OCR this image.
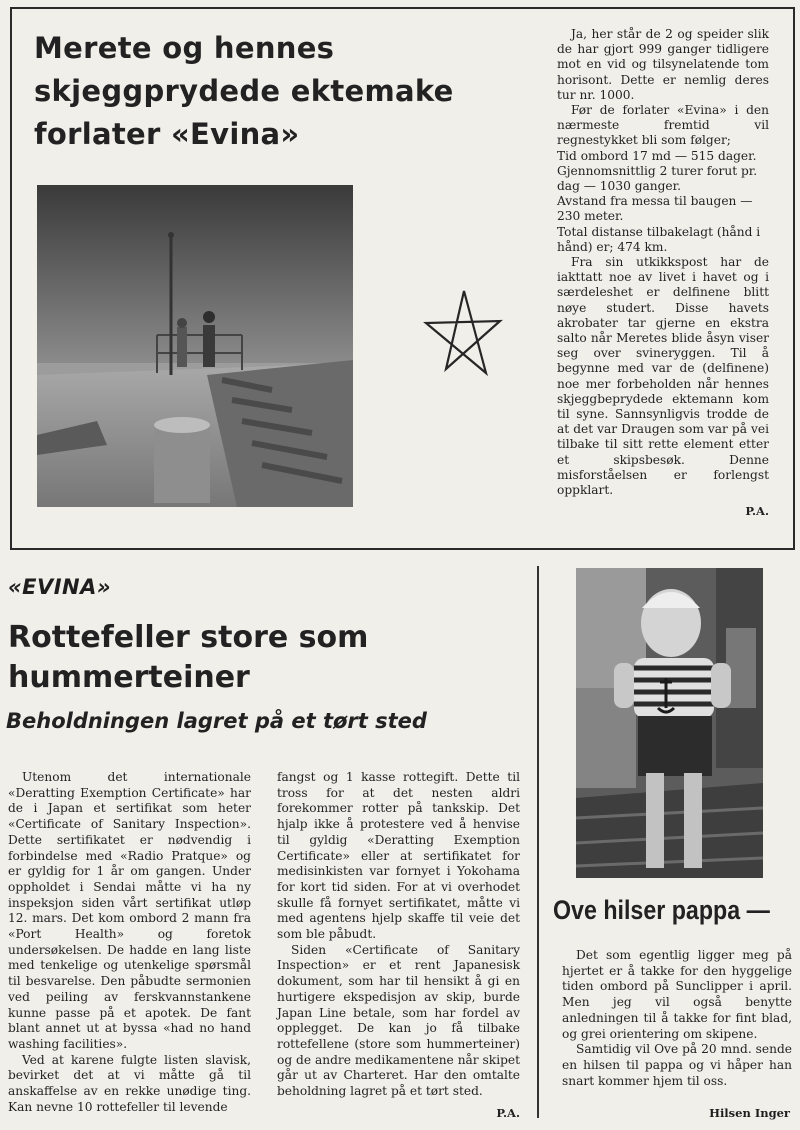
Merete og hennes
skjeggprydede ektemake
forlater «Evina»

Ja, her står de 2 og speider slik de har gjort 999 ganger tidligere mot en vid og tilsynelatende tom horisont. Dette er nemlig deres tur nr. 1000.

Før de forlater «Evina» i den nærmeste fremtid vil regnestykket bli som følger;

Tid ombord 17 md — 515 dager.

Gjennomsnittlig 2 turer forut pr. dag — 1030 ganger.

Avstand fra messa til baugen — 230 meter.

Total distanse tilbakelagt (hånd i hånd) er; 474 km.

Fra sin utkikkspost har de iakttatt noe av livet i havet og i særdeleshet er delfinene blitt nøye studert. Disse havets akrobater tar gjerne en ekstra salto når Meretes blide åsyn viser seg over svineryggen. Til å begynne med var de (delfinene) noe mer forbeholden når hennes skjeggbeprydede ektemann kom til syne. Sannsynligvis trodde de at det var Draugen som var på vei tilbake til sitt rette element etter et skipsbesøk. Denne misforståelsen er forlengst oppklart.

P.A.
«EVINA»
Rottefeller store som
hummerteiner
Beholdningen lagret på et tørt sted

Utenom det internationale «Deratting Exemption Certificate» har de i Japan et sertifikat som heter «Certificate of Sanitary Inspection». Dette sertifikatet er nødvendig i forbindelse med «Radio Pratque» og er gyldig for 1 år om gangen. Under oppholdet i Sendai måtte vi ha ny inspeksjon siden vårt sertifikat utløp 12. mars. Det kom ombord 2 mann fra «Port Health» og foretok undersøkelsen. De hadde en lang liste med tenkelige og utenkelige spørsmål til besvarelse. Den påbudte sermonien ved peiling av ferskvannstankene kunne passe på et apotek. De fant blant annet ut at byssa «had no hand washing facilities».

Ved at karene fulgte listen slavisk, bevirket det at vi måtte gå til anskaffelse av en rekke unødige ting. Kan nevne 10 rottefeller til levende

fangst og 1 kasse rottegift. Dette til tross for at det nesten aldri forekommer rotter på tankskip. Det hjalp ikke å protestere ved å henvise til gyldig «Deratting Exemption Certificate» eller at sertifikatet for medisinkisten var fornyet i Yokohama for kort tid siden. For at vi overhodet skulle få fornyet sertifikatet, måtte vi med agentens hjelp skaffe til veie det som ble påbudt.

Siden «Certificate of Sanitary Inspection» er et rent Japanesisk dokument, som har til hensikt å gi en hurtigere ekspedisjon av skip, burde Japan Line betale, som har fordel av opplegget. De kan jo få tilbake rottefellene (store som hummerteiner) og de andre medikamentene når skipet går ut av Charteret. Har den omtalte beholdning lagret på et tørt sted.

P.A.
Ove hilser pappa —

Det som egentlig ligger meg på hjertet er å takke for den hyggelige tiden ombord på Sunclipper i april. Men jeg vil også benytte anledningen til å takke for fint blad, og grei orientering om skipene.

Samtidig vil Ove på 20 mnd. sende en hilsen til pappa og vi håper han snart kommer hjem til oss.

Hilsen Inger
